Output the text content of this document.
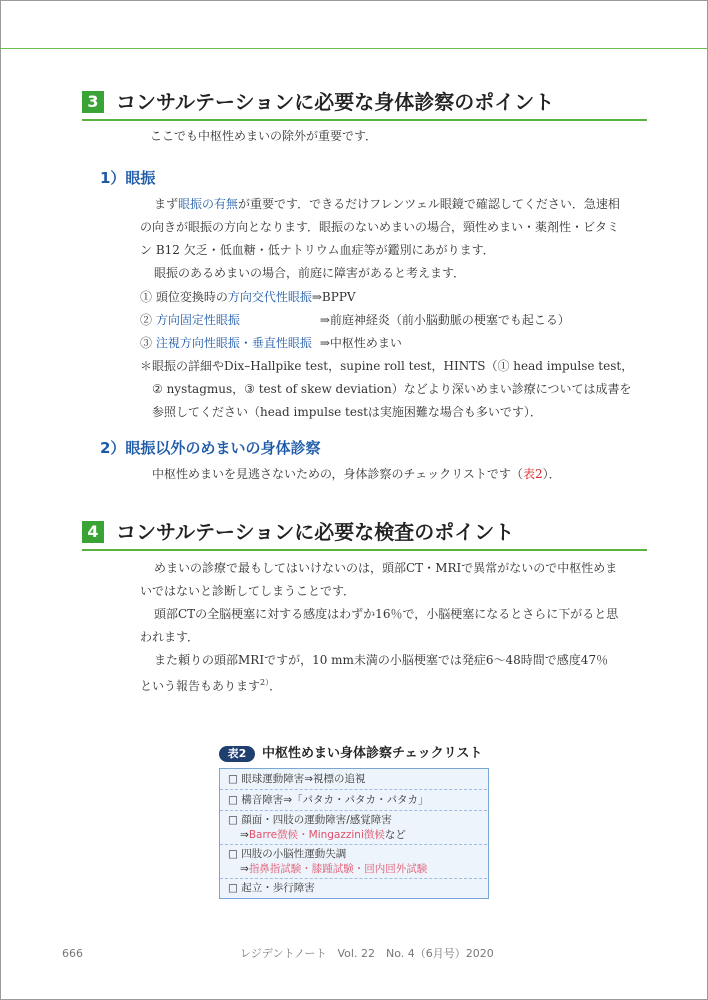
3 コンサルテーションに必要な身体診察のポイント
ここでも中枢性めまいの除外が重要です．
1）眼振
まず眼振の有無が重要です．できるだけフレンツェル眼鏡で確認してください．急速相
の向きが眼振の方向となります．眼振のないめまいの場合，頸性めまい・薬剤性・ビタミ
ン B12 欠乏・低血糖・低ナトリウム血症等が鑑別にあがります．
眼振のあるめまいの場合，前庭に障害があると考えます．
① 頭位変換時の方向交代性眼振⇒BPPV
② 方向固定性眼振	⇒前庭神経炎（前小脳動脈の梗塞でも起こる）
③ 注視方向性眼振・垂直性眼振 ⇒中枢性めまい
＊眼振の詳細やDix–Hallpike test，supine roll test，HINTS（① head impulse test，
② nystagmus，③ test of skew deviation）などより深いめまい診療については成書を
参照してください（head impulse testは実施困難な場合も多いです）．
2）眼振以外のめまいの身体診察
中枢性めまいを見逃さないための，身体診察のチェックリストです（表2）．
4 コンサルテーションに必要な検査のポイント
めまいの診療で最もしてはいけないのは，頭部CT・MRIで異常がないので中枢性めま
いではないと診断してしまうことです．
頭部CTの全脳梗塞に対する感度はわずか16％で，小脳梗塞になるとさらに下がると思
われます．
また頼りの頭部MRIですが，10 mm未満の小脳梗塞では発症6～48時間で感度47％
という報告もあります$^{2)}$．
表2	中枢性めまい身体診察チェックリスト
□ 眼球運動障害⇒視標の追視
□ 構音障害⇒「パタカ・パタカ・パタカ」
□ 顔面・四肢の運動障害/感覚障害
⇒Barre徴候・Mingazzini徴候など
□ 四肢の小脳性運動失調
⇒指鼻指試験・膝踵試験・回内回外試験
□ 起立・歩行障害
666	レジデントノート　Vol. 22　No. 4（6月号）2020
